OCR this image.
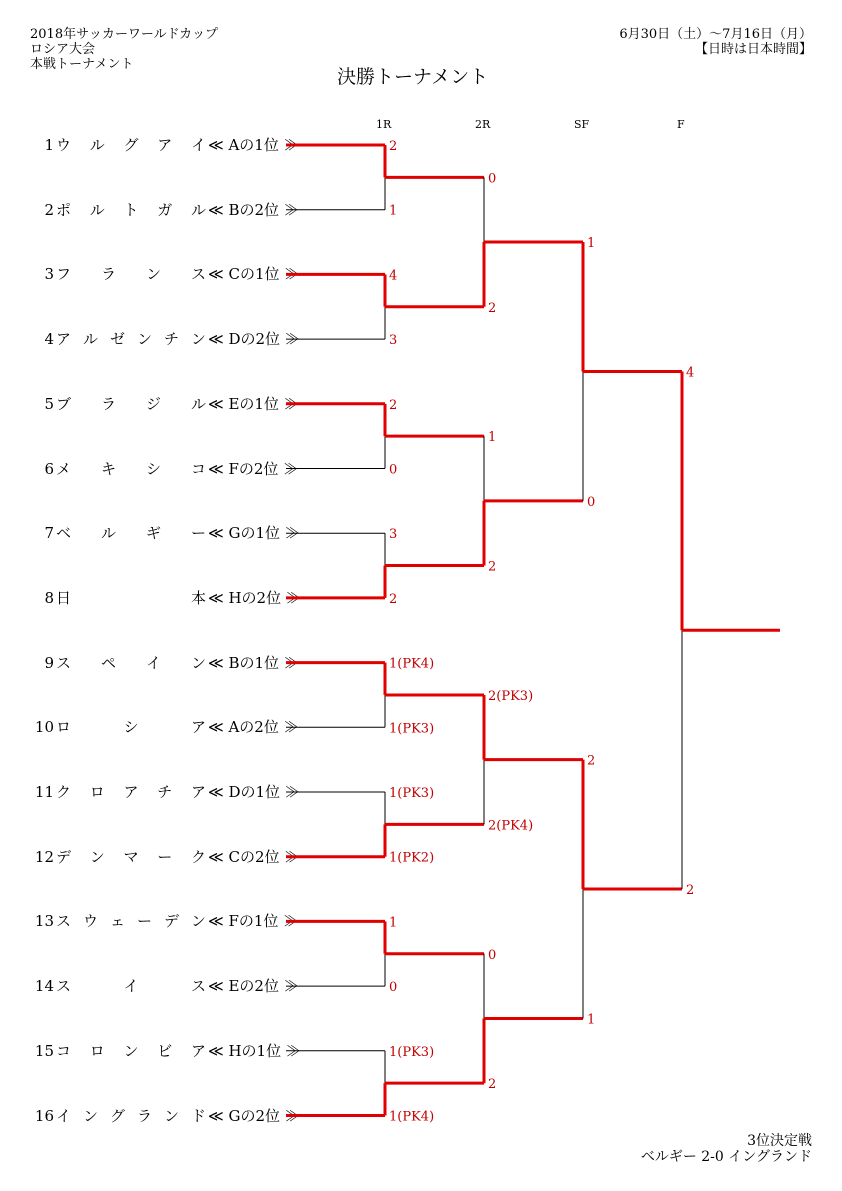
2018年サッカーワールドカップ
ロシア大会
本戦トーナメント
6月30日（土）～7月16日（月）
【日時は日本時間】
決勝トーナメント
1R	2R	SF	F
1 ウ ル グ ア イ ≪ Aの1位 ≫
2 ポ ル ト ガ ル ≪ Bの2位 ≫
3 フ ラ ン ス ≪ Cの1位 ≫
4 ア ル ゼ ン チ ン ≪ Dの2位 ≫
5 ブ ラ ジ ル ≪ Eの1位 ≫
6 メ キ シ コ ≪ Fの2位 ≫
7 ベ ル ギ ー ≪ Gの1位 ≫
8 日	本 ≪ Hの2位 ≫
9 ス ペ イ ン ≪ Bの1位 ≫
10 ロ	シ	ア ≪ Aの2位 ≫
11 ク ロ ア チ ア ≪ Dの1位 ≫
12 デ ン マ ー ク ≪ Cの2位 ≫
13 ス ウ ェ ー デ ン ≪ Fの1位 ≫
14 ス	イ	ス ≪ Eの2位 ≫
15 コ ロ ン ビ ア ≪ Hの1位 ≫
16 イ ン グ ラ ン ド ≪ Gの2位 ≫
2
1
4
3
2
0
3
2
1(PK4)
1(PK3)
1(PK3)
1(PK2)
1
0
1(PK3)
1(PK4)
0
2
1
2
2(PK3)
2(PK4)
0
2
1
0
2
1
4
2
3位決定戦
ベルギー 2-0 イングランド
